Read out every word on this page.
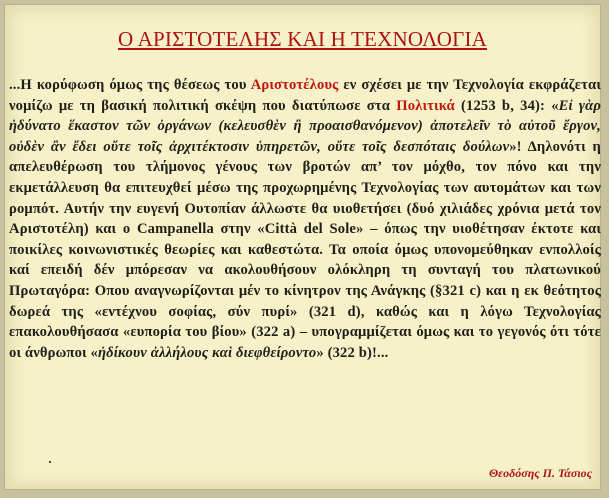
Ο ΑΡΙΣΤΟΤΕΛΗΣ ΚΑΙ Η ΤΕΧΝΟΛΟΓΙΑ
...Η κορύφωση όμως της θέσεως του Αριστοτέλους εν σχέσει με την Τεχνολογία εκφράζεται νομίζω με τη βασική πολιτική σκέψη που διατύπωσε στα Πολιτικά (1253 b, 34): «Εἰ γὰρ ἠδύνατο ἕκαστον τῶν ὀργάνων (κελευσθὲν ἢ προαισθανόμενον) ἀποτελεῖν τὸ αὐτοῦ ἔργον, οὐδὲν ἂν ἔδει οὔτε τοῖς ἀρχιτέκτοσιν ὑπηρετῶν, οὔτε τοῖς δεσπόταις δούλων»! Δηλονότι η απελευθέρωση του τλήμονος γένους των βροτών απ’ τον μόχθο, τον πόνο και την εκμετάλλευση θα επιτευχθεί μέσω της προχωρημένης Τεχνολογίας των αυτομάτων και των ρομπότ. Αυτήν την ευγενή Ουτοπίαν άλλωστε θα υιοθετήσει (δυό χιλιάδες χρόνια μετά τον Αριστοτέλη) και ο Campanella στην «Città del Sole» – όπως την υιοθέτησαν έκτοτε και ποικίλες κοινωνιστικές θεωρίες και καθεστώτα. Τα οποία όμως υπονομεύθηκαν ενπολλοίς καί επειδή δέν μπόρεσαν να ακολουθήσουν ολόκληρη τη συνταγή του πλατωνικού Πρωταγόρα: Οπου αναγνωρίζονται μέν το κίνητρον της Ανάγκης (§321 c) και η εκ θεότητος δωρεά της «εντέχνου σοφίας, σύν πυρί» (321 d), καθώς και η λόγω Τεχνολογίας επακολουθήσασα «ευπορία του βίου» (322 a) – υπογραμμίζεται όμως και το γεγονός ότι τότε οι άνθρωποι «ἠδίκουν ἀλλήλους καὶ διεφθείροντο» (322 b)!...
Θεοδόσης Π. Τάσιος
